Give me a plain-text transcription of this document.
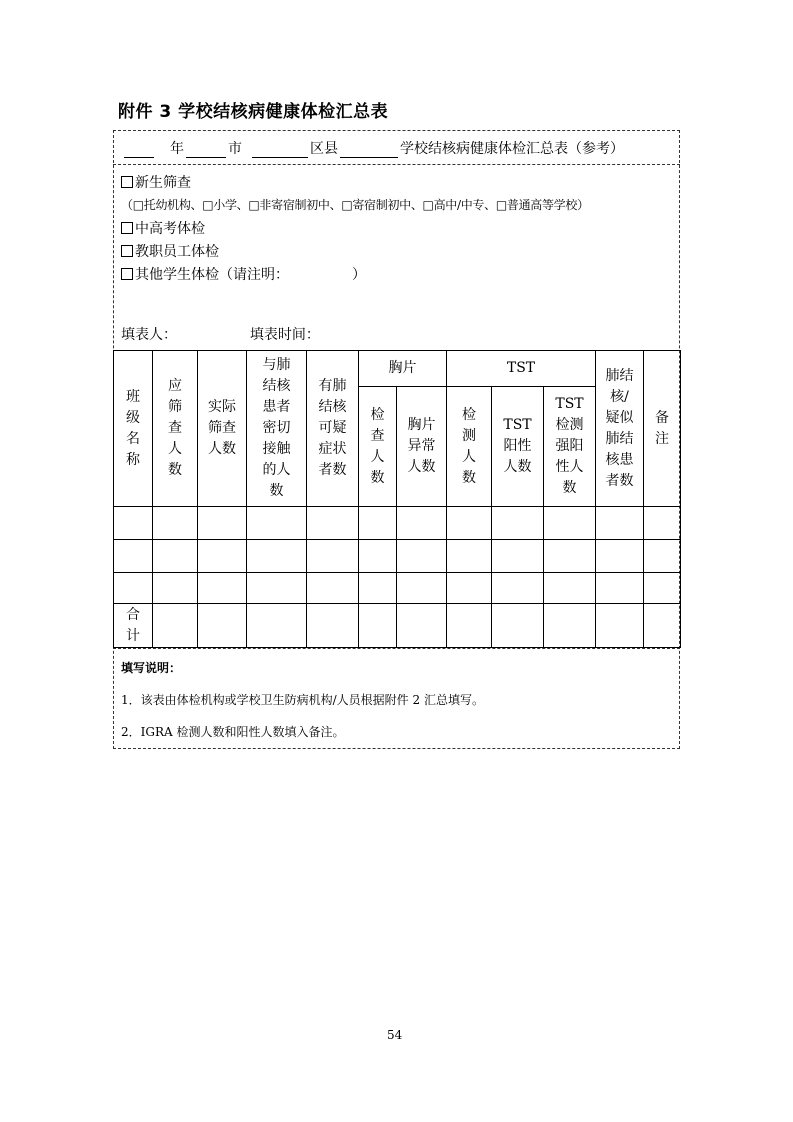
附件 3 学校结核病健康体检汇总表
年	市	区县	学校结核病健康体检汇总表（参考）
新生筛查
（□托幼机构、□小学、□非寄宿制初中、□寄宿制初中、□高中/中专、□普通高等学校）
中高考体检
教职员工体检
其他学生体检（请注明：　　　　　）
填表人：	填表时间：
班级名称	应筛查人数	实际筛查人数	与肺结核患者密切接触的人数	有肺结核可疑症状者数	胸片		TST			肺结核/疑似肺结核患者数	备注

					检查人数	胸片异常人数	检测人数	TST阳性人数	TST检测强阳性人数		

合计											

填写说明：
1．该表由体检机构或学校卫生防病机构/人员根据附件 2 汇总填写。
2．IGRA 检测人数和阳性人数填入备注。
54
